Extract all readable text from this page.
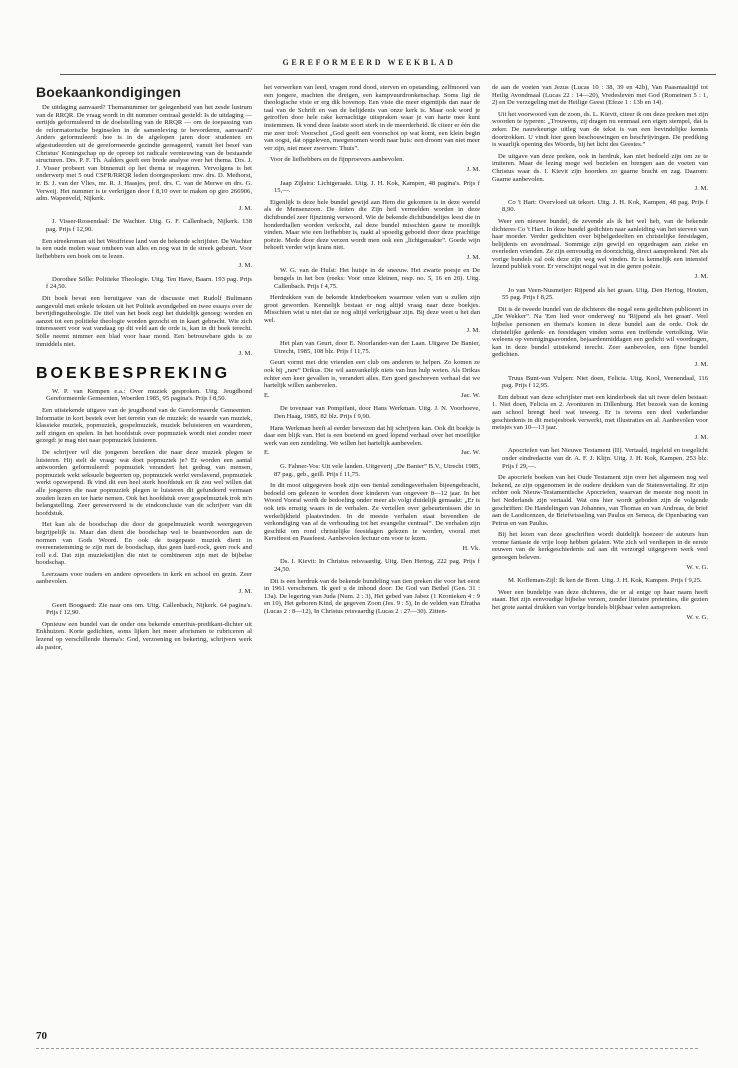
GEREFORMEERD WEEKBLAD
Boekaankondigingen

De uitdaging aanvaard? Themanummer ter gelegenheid van het zesde lustrum van de RRQR. De vraag wordt in dit nummer centraal gesteld: Is de uitdaging — eertijds geformuleerd in de doelstelling van de RRQR — om de toepassing van de reformatorische beginselen in de samenleving te bevorderen, aanvaard? Anders geformuleerd: hoe is in de afgelopen jaren door studenten en afgestudeerden uit de gereformeerde gezindte gereageerd, vanuit het besef van Christus' Koningschap op de oproep tot radicale vernieuwing van de bestaande structuren. Drs. P. F. Th. Aalders geeft een brede analyse over het thema. Drs. J. J. Visser probeert van binnenuit op het thema te reageren. Vervolgens is het onderwerp met 5 oud CSFR/RRQR leden doorgesproken: mw. drs. D. Methorst, ir. B. J. van der Vlies, mr. R. J. Haasjes, prof. drs. C. van de Merwe en drs. G. Verweij. Het nummer is te verkrijgen door f 8,10 over te maken op giro 266906, adm. Wapenveld, Nijkerk.

J. M.

J. Visser-Rossendaal: De Wachter. Uitg. G. F. Callenbach, Nijkerk. 138 pag. Prijs f 12,90.

Een streekroman uit het Westfriese land van de bekende schrijfster. De Wachter is een oude molen waar omheen van alles en nog wat in de streek gebeurt. Voor liefhebbers een boek om te lezen.

J. M.

Dorothee Sölle: Politieke Theologie. Uitg. Ten Have, Baarn. 193 pag. Prijs f 24,50.

Dit boek bevat een heruitgave van de discussie met Rudolf Bultmann aangevuld met enkele teksten uit het Politek avondgebed en twee essays over de bevrijdingstheologie. De titel van het boek zegt het duidelijk genoeg: worden en aanzet tot een politieke theologie worden gezocht en in kaart gebracht. Wie zich interesseert voor wat vandaag op dit veld aan de orde is, kan in dit boek terecht. Sölle neemt nimmer een blad voor haar mond. Een betrouwbare gids is ze inmiddels niet.

J. M.
BOEKBESPREKING

W. P. van Kempen e.a.: Over muziek gesproken. Uitg. Jeugdbond Gereformeerde Gemeenten, Woerden 1985, 95 pagina's. Prijs f 8,50.

Een uitstekende uitgave van de jeugdbond van de Gereformeerde Gemeenten. Informatie in kort bestek over het terrein van de muziek: de waarde van muziek, klassieke muziek, popmuziek, gospelmuziek, muziek beluisteren en waarderen, zelf zingen en spelen. In het hoofdstuk over popmuziek wordt niet zonder meer gezegd: je mag niet naar popmuziek luisteren.

De schrijver wil die jongeren bereiken die naar deze muziek plegen te luisteren. Hij stelt de vraag: wat doet popmuziek je? Er worden een aantal antwoorden geformuleerd: popmuziek verandert het gedrag van mensen, popmuziek wekt seksuele begeerten op, popmuziek werkt verslavend, popmuziek werkt opzwepend. Ik vind dit een heel sterk hoofdstuk en ik zou wel willen dat alle jongeren die naar popmuziek plegen te luisteren dit gefundeerd vermaan zouden lezen en ter harte nemen. Ook het hoofdstuk over gospelmuziek trok m'n belangstelling. Zeer gereserveerd is de eindconclusie van de schrijver van dit hoofdstuk.

Het kan als de boodschap die door de gospelmuziek wordt weergegeven begrijpelijk is. Maar dan dient die boodschap wel te beantwoorden aan de normen van Gods Woord. En ook de toegepaste muziek dient in overeenstemming te zijn met de boodschap, dus geen hard-rock, geen rock and roll e.d. Dat zijn muziekstijlen die niet te combineren zijn met de bijbelse boodschap.

Leerzaam voor ouders en andere opvoeders in kerk en school en gezin. Zeer aanbevolen.

J. M.

Geert Boogaard: Zie naar ons om. Uitg. Callenbach, Nijkerk. 64 pagina's. Prijs f 12,90.

Opnieuw een bundel van de onder ons bekende emeritus-predikant-dichter uit Enkhuizen. Korte gedichten, soms lijken het meer aforismen te rubriceren al lezend op verschillende thema's: God, verzoening en bekering, schrijvers werk als pastor,

het verwerken van leed, vragen rond dood, sterven en opstanding, zelfmoord van een jongere, machten die dreigen, een kampvuurdronkenschap. Soms ligt de theologische visie er erg dik bovenop. Een visie die meer eigentijds dan naar de taal van de Schrift en van de belijdenis van onze kerk is. Maar ook word je getroffen door hele rake kernachtige uitspraken waar je van harte mee kunt instemmen. Ik vond deze laatste soort sterk in de meerderheid. Ik citeer er één die me zeer trof: Voorschot „God geeft een voorschot op wat komt, een klein begin van oogst, dat opgeleven, meegenomen wordt naar huis: een droom van niet meer ver zijn, niet meer zwerven: Thuis”.

Voor de liefhebbers en de fijnproevers aanbevolen.

J. M.

Jaap Zijlstra: Lichtgeraakt. Uitg. J. H. Kok, Kampen, 48 pagina's. Prijs f 15,—.

Eigenlijk is deze hele bundel gewijd aan Hem die gekomen is in deze wereld als de Mensenzoon. De feiten die Zijn heil vermelden worden in deze dichtbundel zeer fijnzinnig verwoord. Wie de bekende dichtbundeltjes leest die in honderdtallen worden verkocht, zal deze bundel misschien gauw te moeilijk vinden. Maar wie een liefhebber is, raakt al spoedig geboeid door deze prachtige poëzie. Mede door deze verzen wordt men ook een „lichtgeraakte”. Goede wijn behoeft verder wijn krans niet.

J. M.

W. G. van de Hulst: Het huisje in de sneeuw. Het zwarte poesje en De bengels in het bos (reeks: Voor onze kleinen, resp. no. 5, 16 en 20). Uitg. Callenbach. Prijs f 4,75.

Herdrukken van de bekende kinderboeken waarmee velen van u zullen zijn groot geworden. Kennelijk bestaat er nog altijd vraag naar deze boekjes. Misschien wist u niet dat ze nog altijd verkrijgbaar zijn. Bij deze weet u het dan wel.

J. M.

Het plan van Geurt, door E. Noorlander-van der Laan. Uitgave De Banier, Utrecht, 1985, 108 blz. Prijs f 11,75.

Geurt vormt met drie vrienden een club om anderen te helpen. Zo komen ze ook bij „rare” Drikus. Die wil aanvankelijk niets van hun hulp weten. Als Drikus echter een keer gevallen is, verandert alles. Een goed geschreven verhaal dat we hartelijk willen aanbevelen.

E.	Jac. W.

De tovenaar van Pompifani, door Hans Werkman. Uitg. J. N. Voorhoeve, Den Haag, 1985, 82 blz. Prijs f 9,90.

Hans Werkman heeft al eerder bewezen dat hij schrijven kan. Ook dit boekje is daar een blijk van. Het is een boeiend en goed lopend verhaal over het moeilijke werk van een zendeling. We willen het hartelijk aanbevelen.

E.	Jac. W.

G. Fahner-Vos: Uit vele landen. Uitgeverij „De Banier” B.V., Utrecht 1985, 87 pag., geb., geill. Prijs f 11,75.

In dit mooi uitgegeven boek zijn een tiental zendingsverhalen bijeengebracht, bedoeld om gelezen te worden door kinderen van ongeveer 8—12 jaar. In het Woord Vooraf wordt de bedoeling onder meer als volgt duidelijk gemaakt: „Er is ook iets ernstig waars in de verhalen. Ze vertellen over gebeurtenissen die in werkelijkheid plaatsvinden. In de meeste verhalen staat bovendien de verkondiging van af de verhouding tot het evangelie centraal”. De verhalen zijn geschikt om rond christelijke feestdagen gelezen te worden, vooral met Kerstfeest en Paasfeest. Aanbevolen lectuur om voor te lezen.

H. Vk.

Ds. I. Kievit: In Christus reisvaardig. Uitg. Den Hertog, 222 pag. Prijs f 24,50.

Dit is een herdruk van de bekende bundeling van tien preken die voor het eerst in 1961 verschenen. Ik geef u de inhoud door: De God van Bethel (Gen. 31 : 13a). De legering van Juda (Num. 2 : 3), Het gebed van Jabez (1 Kronieken 4 : 9 en 10), Het geboren Kind, de gegeven Zoon (Jes. 9 : 5), In de velden van Efratha (Lucas 2 : 8—12), In Christus reisvaardig (Lucas 2 : 27—30). Zitten-

de aan de voeten van Jezus (Lucas 10 : 38, 39 en 42b), Van Paasmaaltijd tot Heilig Avondmaal (Lucas 22 : 14—20), Vredesleven met God (Romeinen 5 : 1, 2) en De verzegeling met de Heilige Geest (Efeze 1 : 13b en 14).

Uit het voorwoord van de zoon, ds. L. Kievit, citeer ik om deze preken met zijn woorden te typeren: „Trouwens, zij dragen nu eenmaal een eigen stempel, dat is zeker. De nauwkeurige uitleg van de tekst is van een bevindelijke kennis doortrokken. U vindt hier geen beschouwingen en beschrijvingen. De prediking is waarlijk opening des Woords, bij het licht des Geestes.”

De uitgave van deze preken, ook in herdruk, kan niet bedoeld zijn om ze te imiteren. Maar de lezing moge wel bezielen en brengen aan de voeten van Christus waar ds. I. Kievit zijn hoorders zo gaarne bracht en zag. Daarom: Gaarne aanbevolen.

J. M.

Co 't Hart: Overvloed uit tekort. Uitg. J. H. Kok, Kampen, 48 pag. Prijs f 8,90.

Weer een nieuwe bundel, de zevende als ik het wel heb, van de bekende dichteres Co 't Hart. In deze bundel gedichten naar aanleiding van het sterven van haar moeder. Verder gedichten over bijbelgedeelten en christelijke feestdagen, belijdenis en avondmaal. Sommige zijn gewijd en opgedragen aan zieke en overleden vrienden. Ze zijn eenvoudig en doorzichtig, direct aansprekend. Net als vorige bundels zal ook deze zijn weg wel vinden. Er is kennelijk een intensief lezend publiek voor. Er verschijnt nogal wat in die genre poëzie.

J. M.

Jo van Veen-Nusmeijer: Rijpend als het graan. Uitg. Den Hertog, Houten, 55 pag. Prijs f 8,25.

Dit is de tweede bundel van de dichteres die nogal eens gedichten publiceert in „De Wekker”. Na 'Een lied voor onderweg' nu 'Rijpend als het graan'. Veel bijbelse personen en thema's komen in deze bundel aan de orde. Ook de christelijke gedenk- en feestdagen vinden soms een treffende vertolking. Wie weleens op verenigingsavonden, bejaardenmiddagen een gedicht wil voordragen, kan in deze bundel uitstekend terecht. Zeer aanbevolen, een fijne bundel gedichten.

J. M.

Truus Bunt-van Vulpen: Niet doen, Felicia. Uitg. Kool, Veenendaal, 116 pag. Prijs f 12,95.

Een debuut van deze schrijfster met een kinderboek dat uit twee delen bestaat: 1. Niet doen, Felicia en 2. Avonturen in Dillenburg. Het bezoek van de koning aan school brengt heel wat teweeg. Er is tevens een deel vaderlandse geschiedenis in dit meisjesboek verwerkt, met illustraties en al. Aanbevolen voor meisjes van 10—13 jaar.

J. M.

Apocriefen van het Nieuwe Testament (II). Vertaald, ingeleid en toegelicht onder eindredactie van dr. A. F. J. Klijn. Uitg. J. H. Kok, Kampen. 253 blz. Prijs f 29,—.

De apocriefe boeken van het Oude Testament zijn over het algemeen nog wel bekend, ze zijn opgenomen in de oudere drukken van de Statenvertaling. Er zijn echter ook Nieuw-Testamentische Apocriefen, waarvan de meeste nog nooit in het Nederlands zijn vertaald. Wat ons hier wordt geboden zijn de volgende geschriften: De Handelingen van Johannes, van Thomas en van Andreas, de brief aan de Laodicenzen, de Briefwisseling van Paulus en Seneca, de Openbaring van Petrus en van Paulus.

Bij het lezen van deze geschriften wordt duidelijk hoezeer de auteurs hun vrome fantasie de vrije loop hebben gelaten. Wie zich wil verdiepen in de eerste eeuwen van de kerkgeschiedenis zal aan dit verzorgd uitgegeven werk veel genoegen beleven.

W. v. G.

M. Koffeman-Zijl: Ik ken de Bron. Uitg. J. H. Kok, Kampen. Prijs f 9,25.

Weer een bundeltje van deze dichteres, die er al enige op haar naam heeft staan. Het zijn eenvoudige bijbelse verzen, zonder literaire pretenties, die gezien het grote aantal drukken van vorige bundels blijkbaar velen aanspreken.

W. v. G.
70
